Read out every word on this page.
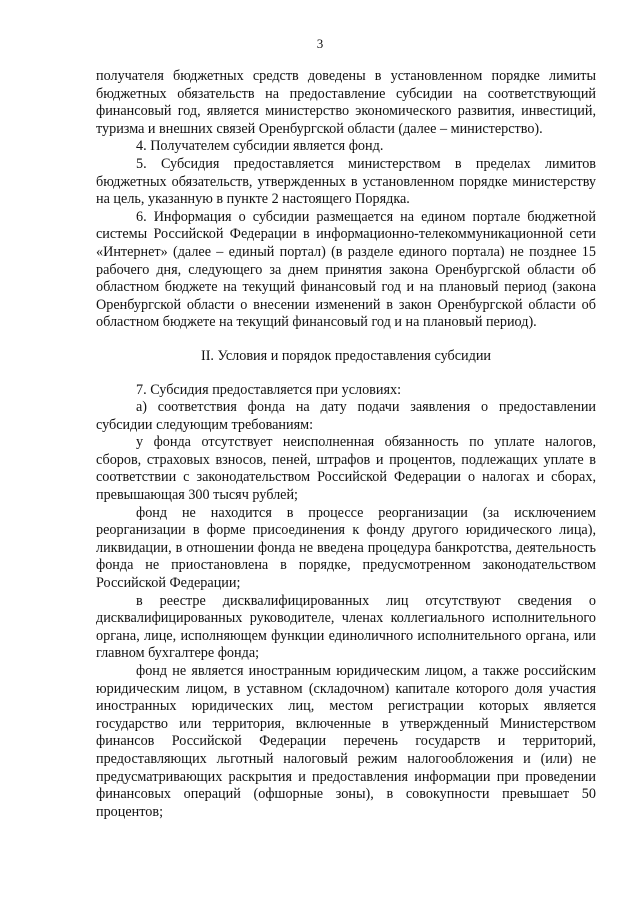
3

получателя бюджетных средств доведены в установленном порядке лимиты бюджетных обязательств на предоставление субсидии на соответствующий финансовый год, является министерство экономического развития, инвестиций, туризма и внешних связей Оренбургской области (далее – министерство).

4. Получателем субсидии является фонд.

5. Субсидия предоставляется министерством в пределах лимитов бюджетных обязательств, утвержденных в установленном порядке министерству на цель, указанную в пункте 2 настоящего Порядка.

6. Информация о субсидии размещается на едином портале бюджетной системы Российской Федерации в информационно-телекоммуникационной сети «Интернет» (далее – единый портал) (в разделе единого портала) не позднее 15 рабочего дня, следующего за днем принятия закона Оренбургской области об областном бюджете на текущий финансовый год и на плановый период (закона Оренбургской области о внесении изменений в закон Оренбургской области об областном бюджете на текущий финансовый год и на плановый период).

II. Условия и порядок предоставления субсидии

7. Субсидия предоставляется при условиях:

а) соответствия фонда на дату подачи заявления о предоставлении субсидии следующим требованиям:

у фонда отсутствует неисполненная обязанность по уплате налогов, сборов, страховых взносов, пеней, штрафов и процентов, подлежащих уплате в соответствии с законодательством Российской Федерации о налогах и сборах, превышающая 300 тысяч рублей;

фонд не находится в процессе реорганизации (за исключением реорганизации в форме присоединения к фонду другого юридического лица), ликвидации, в отношении фонда не введена процедура банкротства, деятельность фонда не приостановлена в порядке, предусмотренном законодательством Российской Федерации;

в реестре дисквалифицированных лиц отсутствуют сведения о дисквалифицированных руководителе, членах коллегиального исполнительного органа, лице, исполняющем функции единоличного исполнительного органа, или главном бухгалтере фонда;

фонд не является иностранным юридическим лицом, а также российским юридическим лицом, в уставном (складочном) капитале которого доля участия иностранных юридических лиц, местом регистрации которых является государство или территория, включенные в утвержденный Министерством финансов Российской Федерации перечень государств и территорий, предоставляющих льготный налоговый режим налогообложения и (или) не предусматривающих раскрытия и предоставления информации при проведении финансовых операций (офшорные зоны), в совокупности превышает 50 процентов;
